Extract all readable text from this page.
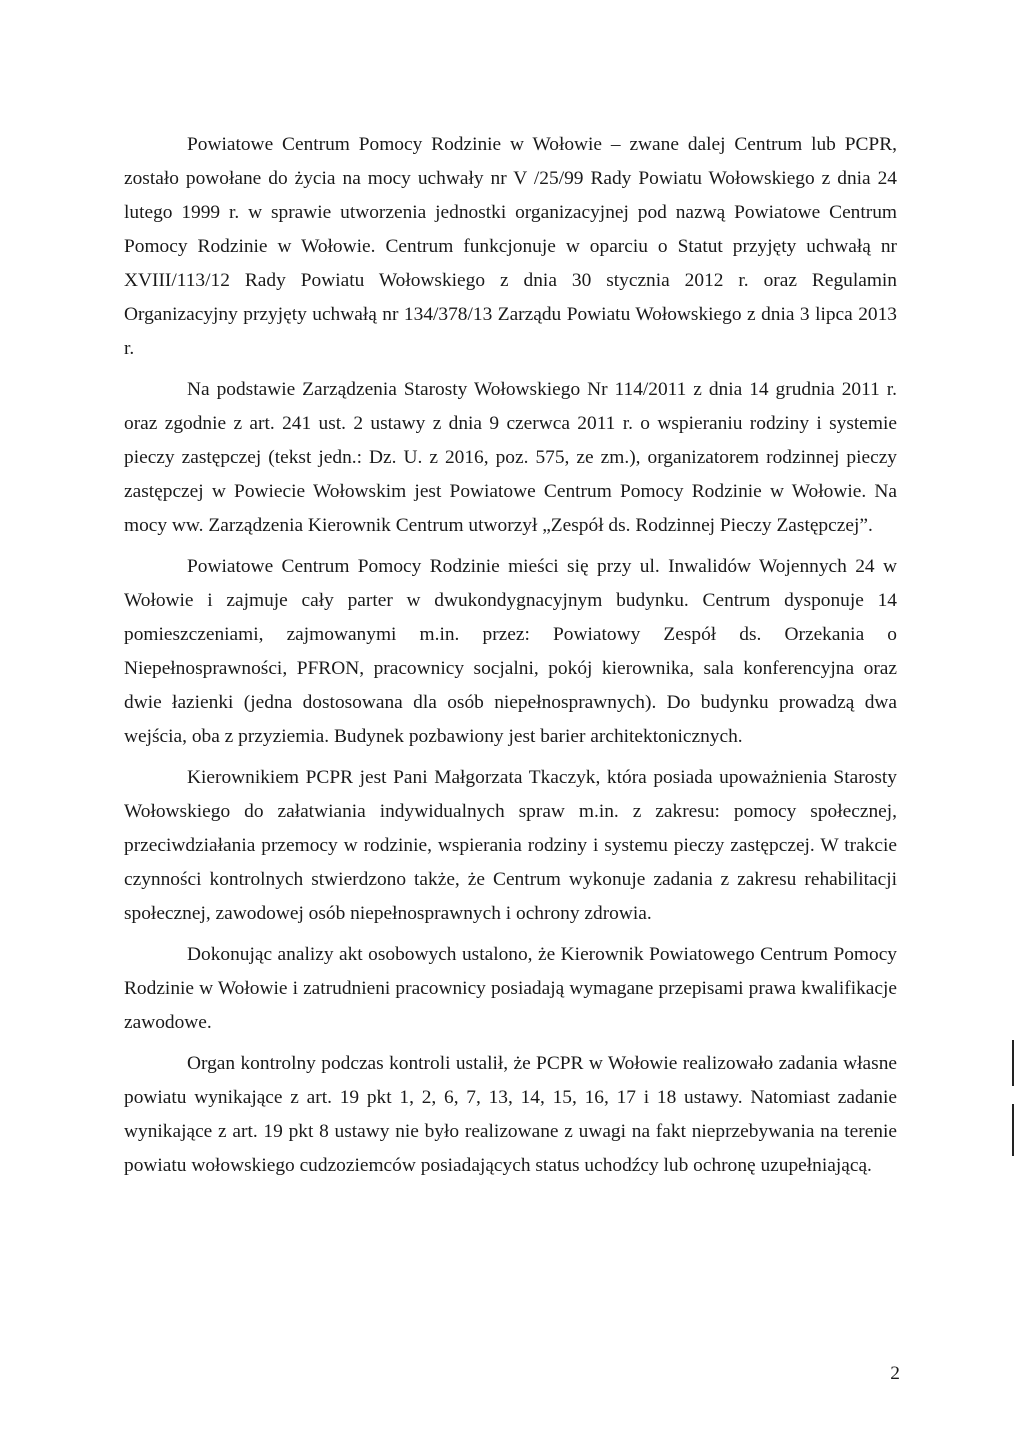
Powiatowe Centrum Pomocy Rodzinie w Wołowie – zwane dalej Centrum lub PCPR, zostało powołane do życia na mocy uchwały nr V /25/99 Rady Powiatu Wołowskiego z dnia 24 lutego 1999 r. w sprawie utworzenia jednostki organizacyjnej pod nazwą Powiatowe Centrum Pomocy Rodzinie w Wołowie. Centrum funkcjonuje w oparciu o Statut przyjęty uchwałą nr XVIII/113/12 Rady Powiatu Wołowskiego z dnia 30 stycznia 2012 r. oraz Regulamin Organizacyjny przyjęty uchwałą nr 134/378/13 Zarządu Powiatu Wołowskiego z dnia 3 lipca 2013 r.

Na podstawie Zarządzenia Starosty Wołowskiego Nr 114/2011 z dnia 14 grudnia 2011 r. oraz zgodnie z art. 241 ust. 2 ustawy z dnia 9 czerwca 2011 r. o wspieraniu rodziny i systemie pieczy zastępczej (tekst jedn.: Dz. U. z 2016, poz. 575, ze zm.), organizatorem rodzinnej pieczy zastępczej w Powiecie Wołowskim jest Powiatowe Centrum Pomocy Rodzinie w Wołowie. Na mocy ww. Zarządzenia Kierownik Centrum utworzył „Zespół ds. Rodzinnej Pieczy Zastępczej”.

Powiatowe Centrum Pomocy Rodzinie mieści się przy ul. Inwalidów Wojennych 24 w Wołowie i zajmuje cały parter w dwukondygnacyjnym budynku. Centrum dysponuje 14 pomieszczeniami, zajmowanymi m.in. przez: Powiatowy Zespół ds. Orzekania o Niepełnosprawności, PFRON, pracownicy socjalni, pokój kierownika, sala konferencyjna oraz dwie łazienki (jedna dostosowana dla osób niepełnosprawnych). Do budynku prowadzą dwa wejścia, oba z przyziemia. Budynek pozbawiony jest barier architektonicznych.

Kierownikiem PCPR jest Pani Małgorzata Tkaczyk, która posiada upoważnienia Starosty Wołowskiego do załatwiania indywidualnych spraw m.in. z zakresu: pomocy społecznej, przeciwdziałania przemocy w rodzinie, wspierania rodziny i systemu pieczy zastępczej. W trakcie czynności kontrolnych stwierdzono także, że Centrum wykonuje zadania z zakresu rehabilitacji społecznej, zawodowej osób niepełnosprawnych i ochrony zdrowia.

Dokonując analizy akt osobowych ustalono, że Kierownik Powiatowego Centrum Pomocy Rodzinie w Wołowie i zatrudnieni pracownicy posiadają wymagane przepisami prawa kwalifikacje zawodowe.

Organ kontrolny podczas kontroli ustalił, że PCPR w Wołowie realizowało zadania własne powiatu wynikające z art. 19 pkt 1, 2, 6, 7, 13, 14, 15, 16, 17 i 18 ustawy. Natomiast zadanie wynikające z art. 19 pkt 8 ustawy nie było realizowane z uwagi na fakt nieprzebywania na terenie powiatu wołowskiego cudzoziemców posiadających status uchodźcy lub ochronę uzupełniającą.

2
